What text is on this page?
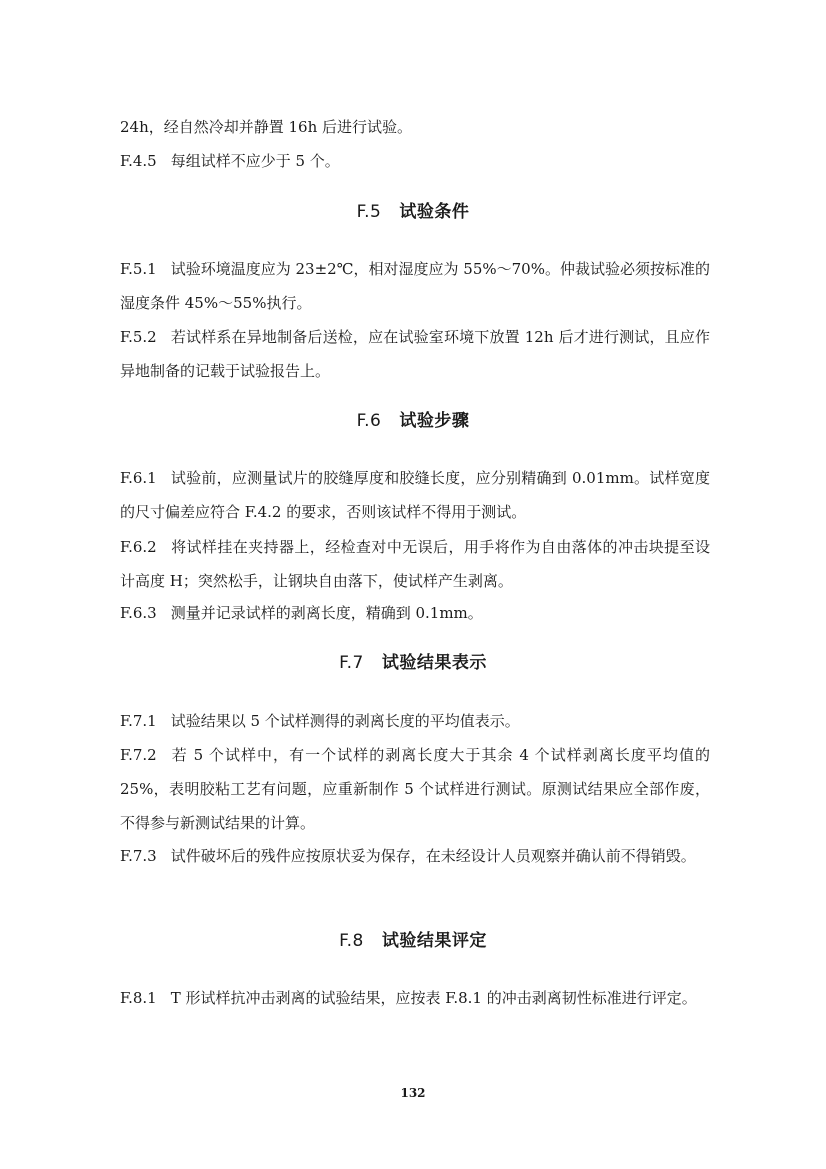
24h，经自然冷却并静置 16h 后进行试验。

F.4.5 每组试样不应少于 5 个。

F.5 试验条件

F.5.1 试验环境温度应为 23±2℃，相对湿度应为 55%～70%。仲裁试验必须按标准的湿度条件 45%～55%执行。

F.5.2 若试样系在异地制备后送检，应在试验室环境下放置 12h 后才进行测试，且应作异地制备的记载于试验报告上。

F.6 试验步骤

F.6.1 试验前，应测量试片的胶缝厚度和胶缝长度，应分别精确到 0.01mm。试样宽度的尺寸偏差应符合 F.4.2 的要求，否则该试样不得用于测试。

F.6.2 将试样挂在夹持器上，经检查对中无误后，用手将作为自由落体的冲击块提至设计高度 H；突然松手，让钢块自由落下，使试样产生剥离。

F.6.3 测量并记录试样的剥离长度，精确到 0.1mm。

F.7 试验结果表示

F.7.1 试验结果以 5 个试样测得的剥离长度的平均值表示。

F.7.2 若 5 个试样中，有一个试样的剥离长度大于其余 4 个试样剥离长度平均值的 25%，表明胶粘工艺有问题，应重新制作 5 个试样进行测试。原测试结果应全部作废，不得参与新测试结果的计算。

F.7.3 试件破坏后的残件应按原状妥为保存，在未经设计人员观察并确认前不得销毁。

F.8 试验结果评定

F.8.1 T 形试样抗冲击剥离的试验结果，应按表 F.8.1 的冲击剥离韧性标准进行评定。

132
